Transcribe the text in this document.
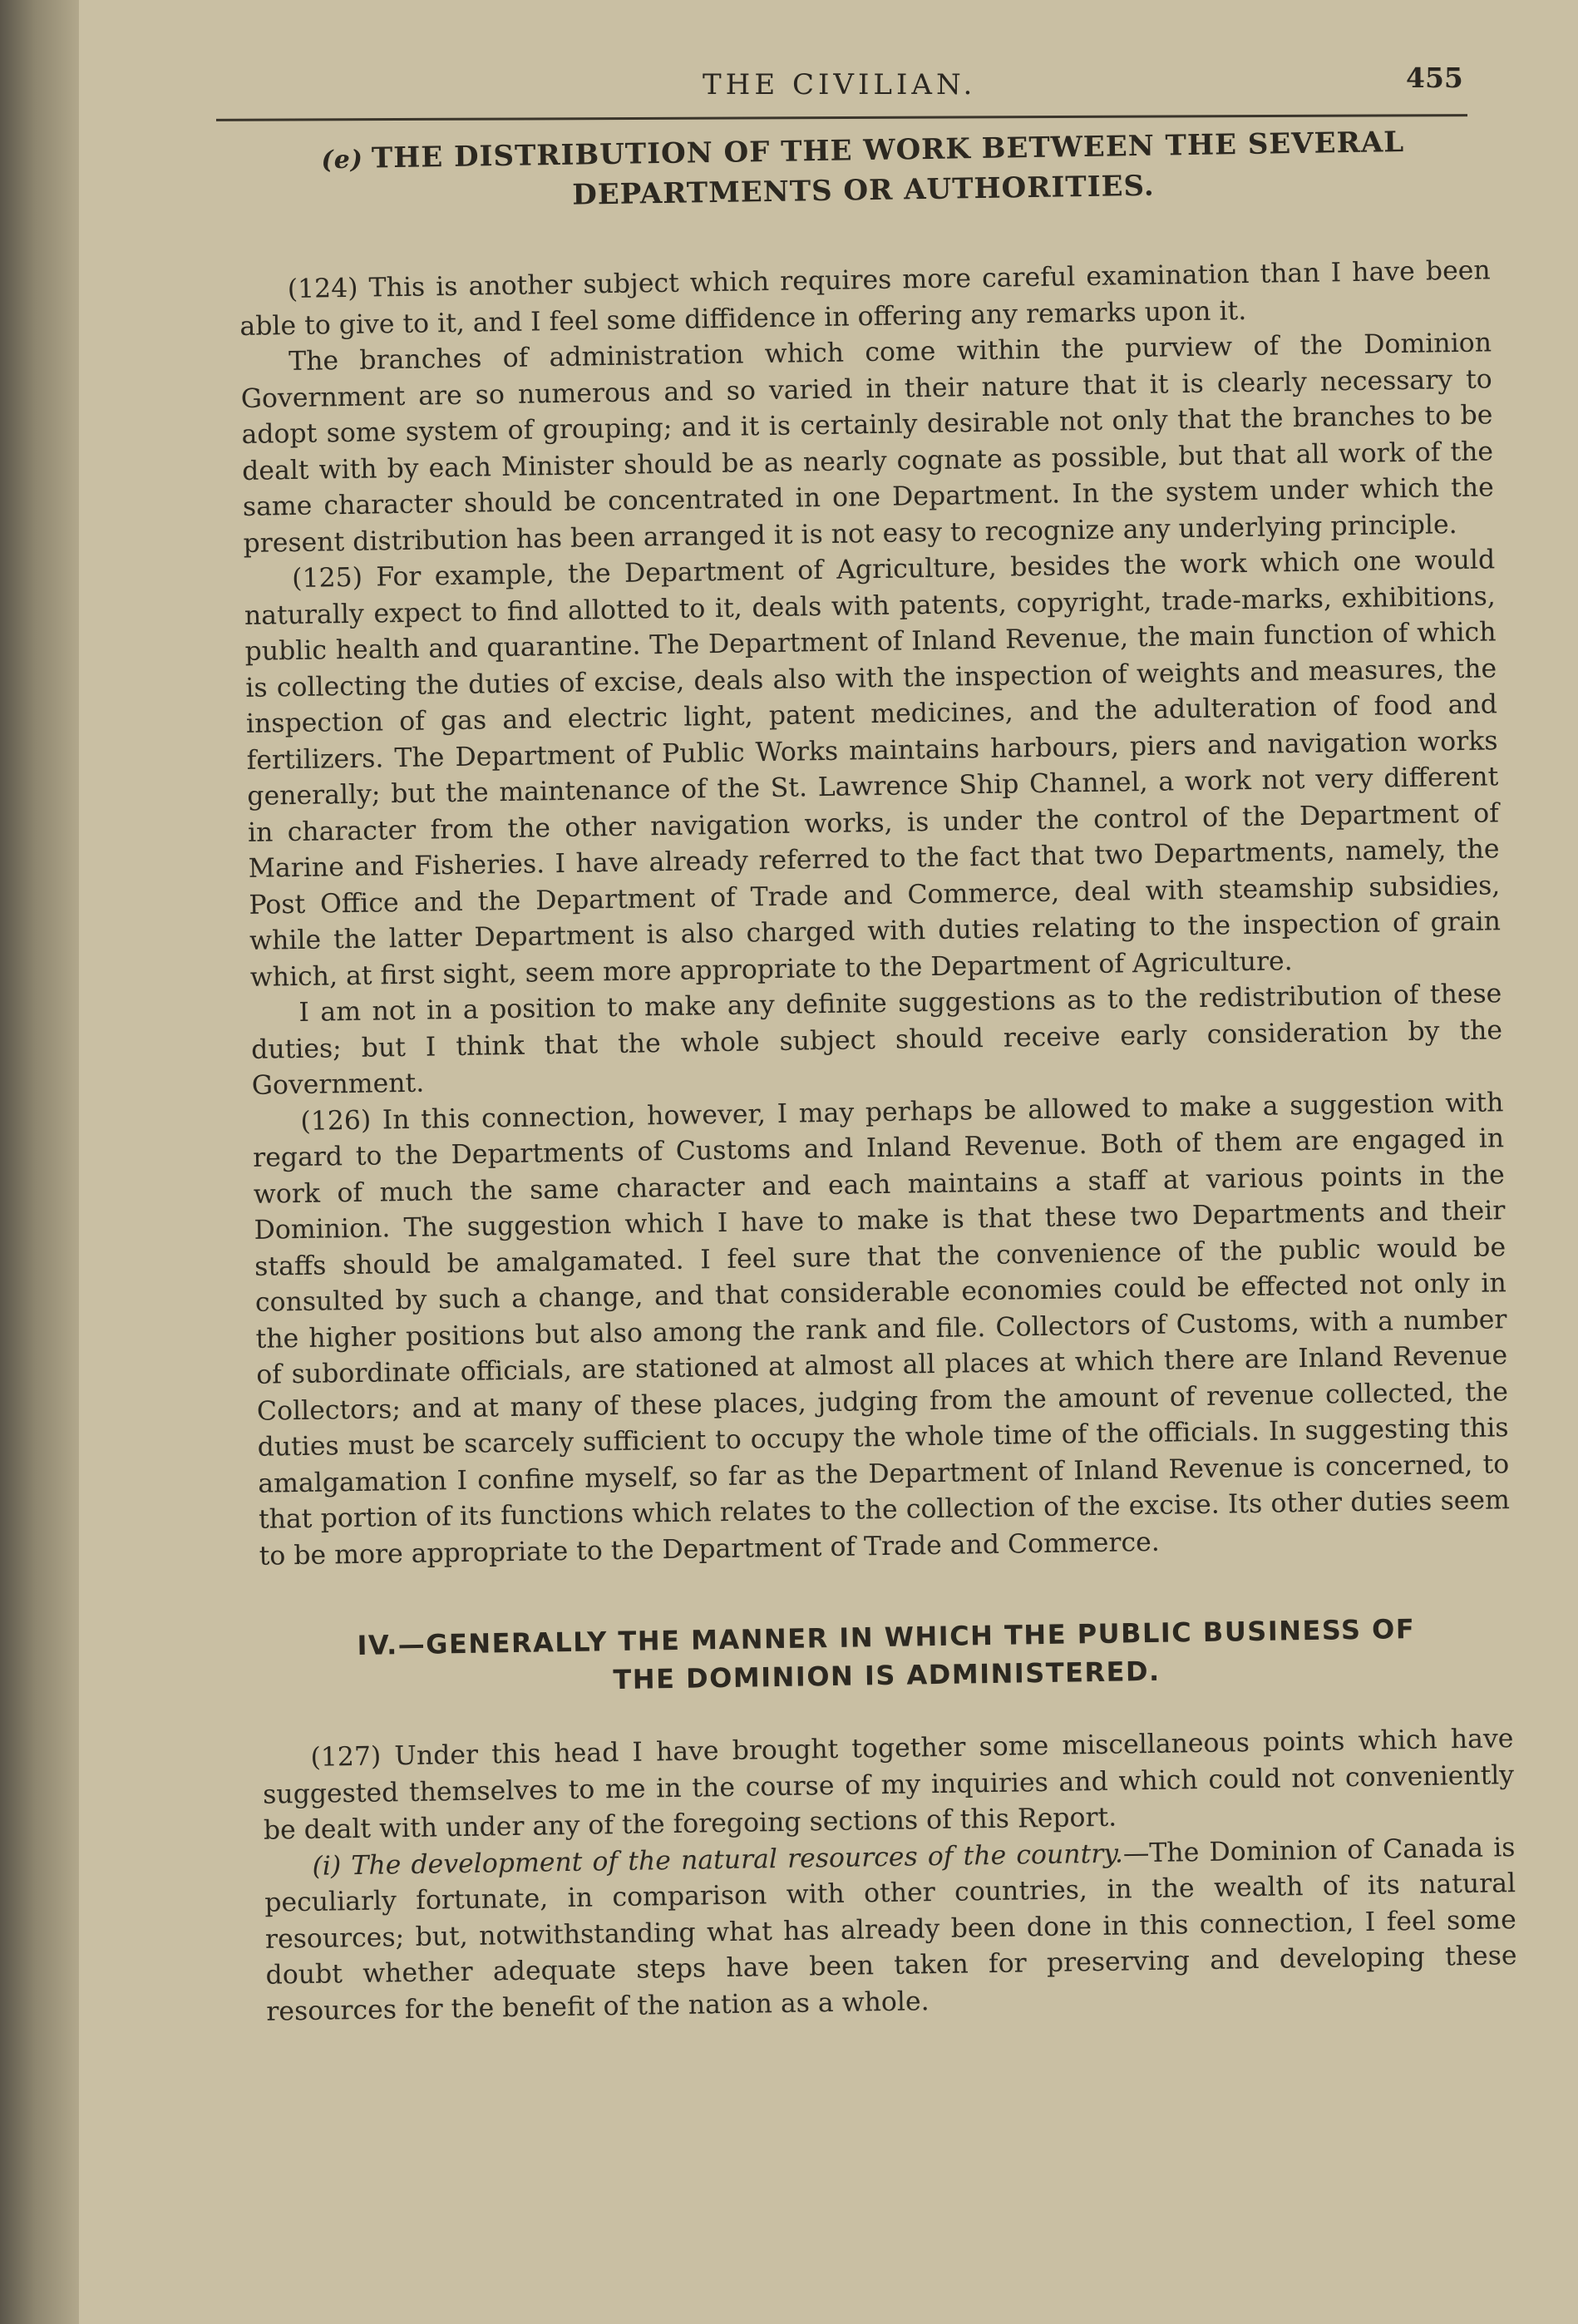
THE CIVILIAN.	455
(e) THE DISTRIBUTION OF THE WORK BETWEEN THE SEVERAL
DEPARTMENTS OR AUTHORITIES.

(124) This is another subject which requires more careful examination than I have been able to give to it, and I feel some diffidence in offering any remarks upon it.

The branches of administration which come within the purview of the Dominion Government are so numerous and so varied in their nature that it is clearly necessary to adopt some system of grouping; and it is certainly desirable not only that the branches to be dealt with by each Minister should be as nearly cognate as possible, but that all work of the same character should be concentrated in one Department. In the system under which the present distribution has been arranged it is not easy to recognize any underlying principle.

(125) For example, the Department of Agriculture, besides the work which one would naturally expect to find allotted to it, deals with patents, copyright, trade-marks, exhibitions, public health and quarantine. The Department of Inland Revenue, the main function of which is collecting the duties of excise, deals also with the inspection of weights and measures, the inspection of gas and electric light, patent medicines, and the adulteration of food and fertilizers. The Department of Public Works maintains harbours, piers and navigation works generally; but the maintenance of the St. Lawrence Ship Channel, a work not very different in character from the other navigation works, is under the control of the Department of Marine and Fisheries. I have already referred to the fact that two Departments, namely, the Post Office and the Department of Trade and Commerce, deal with steamship subsidies, while the latter Department is also charged with duties relating to the inspection of grain which, at first sight, seem more appropriate to the Department of Agriculture.

I am not in a position to make any definite suggestions as to the redistribution of these duties; but I think that the whole subject should receive early consideration by the Government.

(126) In this connection, however, I may perhaps be allowed to make a suggestion with regard to the Departments of Customs and Inland Revenue. Both of them are engaged in work of much the same character and each maintains a staff at various points in the Dominion. The suggestion which I have to make is that these two Departments and their staffs should be amalgamated. I feel sure that the convenience of the public would be consulted by such a change, and that considerable economies could be effected not only in the higher positions but also among the rank and file. Collectors of Customs, with a number of subordinate officials, are stationed at almost all places at which there are Inland Revenue Collectors; and at many of these places, judging from the amount of revenue collected, the duties must be scarcely sufficient to occupy the whole time of the officials. In suggesting this amalgamation I confine myself, so far as the Department of Inland Revenue is concerned, to that portion of its functions which relates to the collection of the excise. Its other duties seem to be more appropriate to the Department of Trade and Commerce.

IV.—GENERALLY THE MANNER IN WHICH THE PUBLIC BUSINESS OF
THE DOMINION IS ADMINISTERED.

(127) Under this head I have brought together some miscellaneous points which have suggested themselves to me in the course of my inquiries and which could not conveniently be dealt with under any of the foregoing sections of this Report.

(i) The development of the natural resources of the country.—The Dominion of Canada is peculiarly fortunate, in comparison with other countries, in the wealth of its natural resources; but, notwithstanding what has already been done in this connection, I feel some doubt whether adequate steps have been taken for preserving and developing these resources for the benefit of the nation as a whole.
